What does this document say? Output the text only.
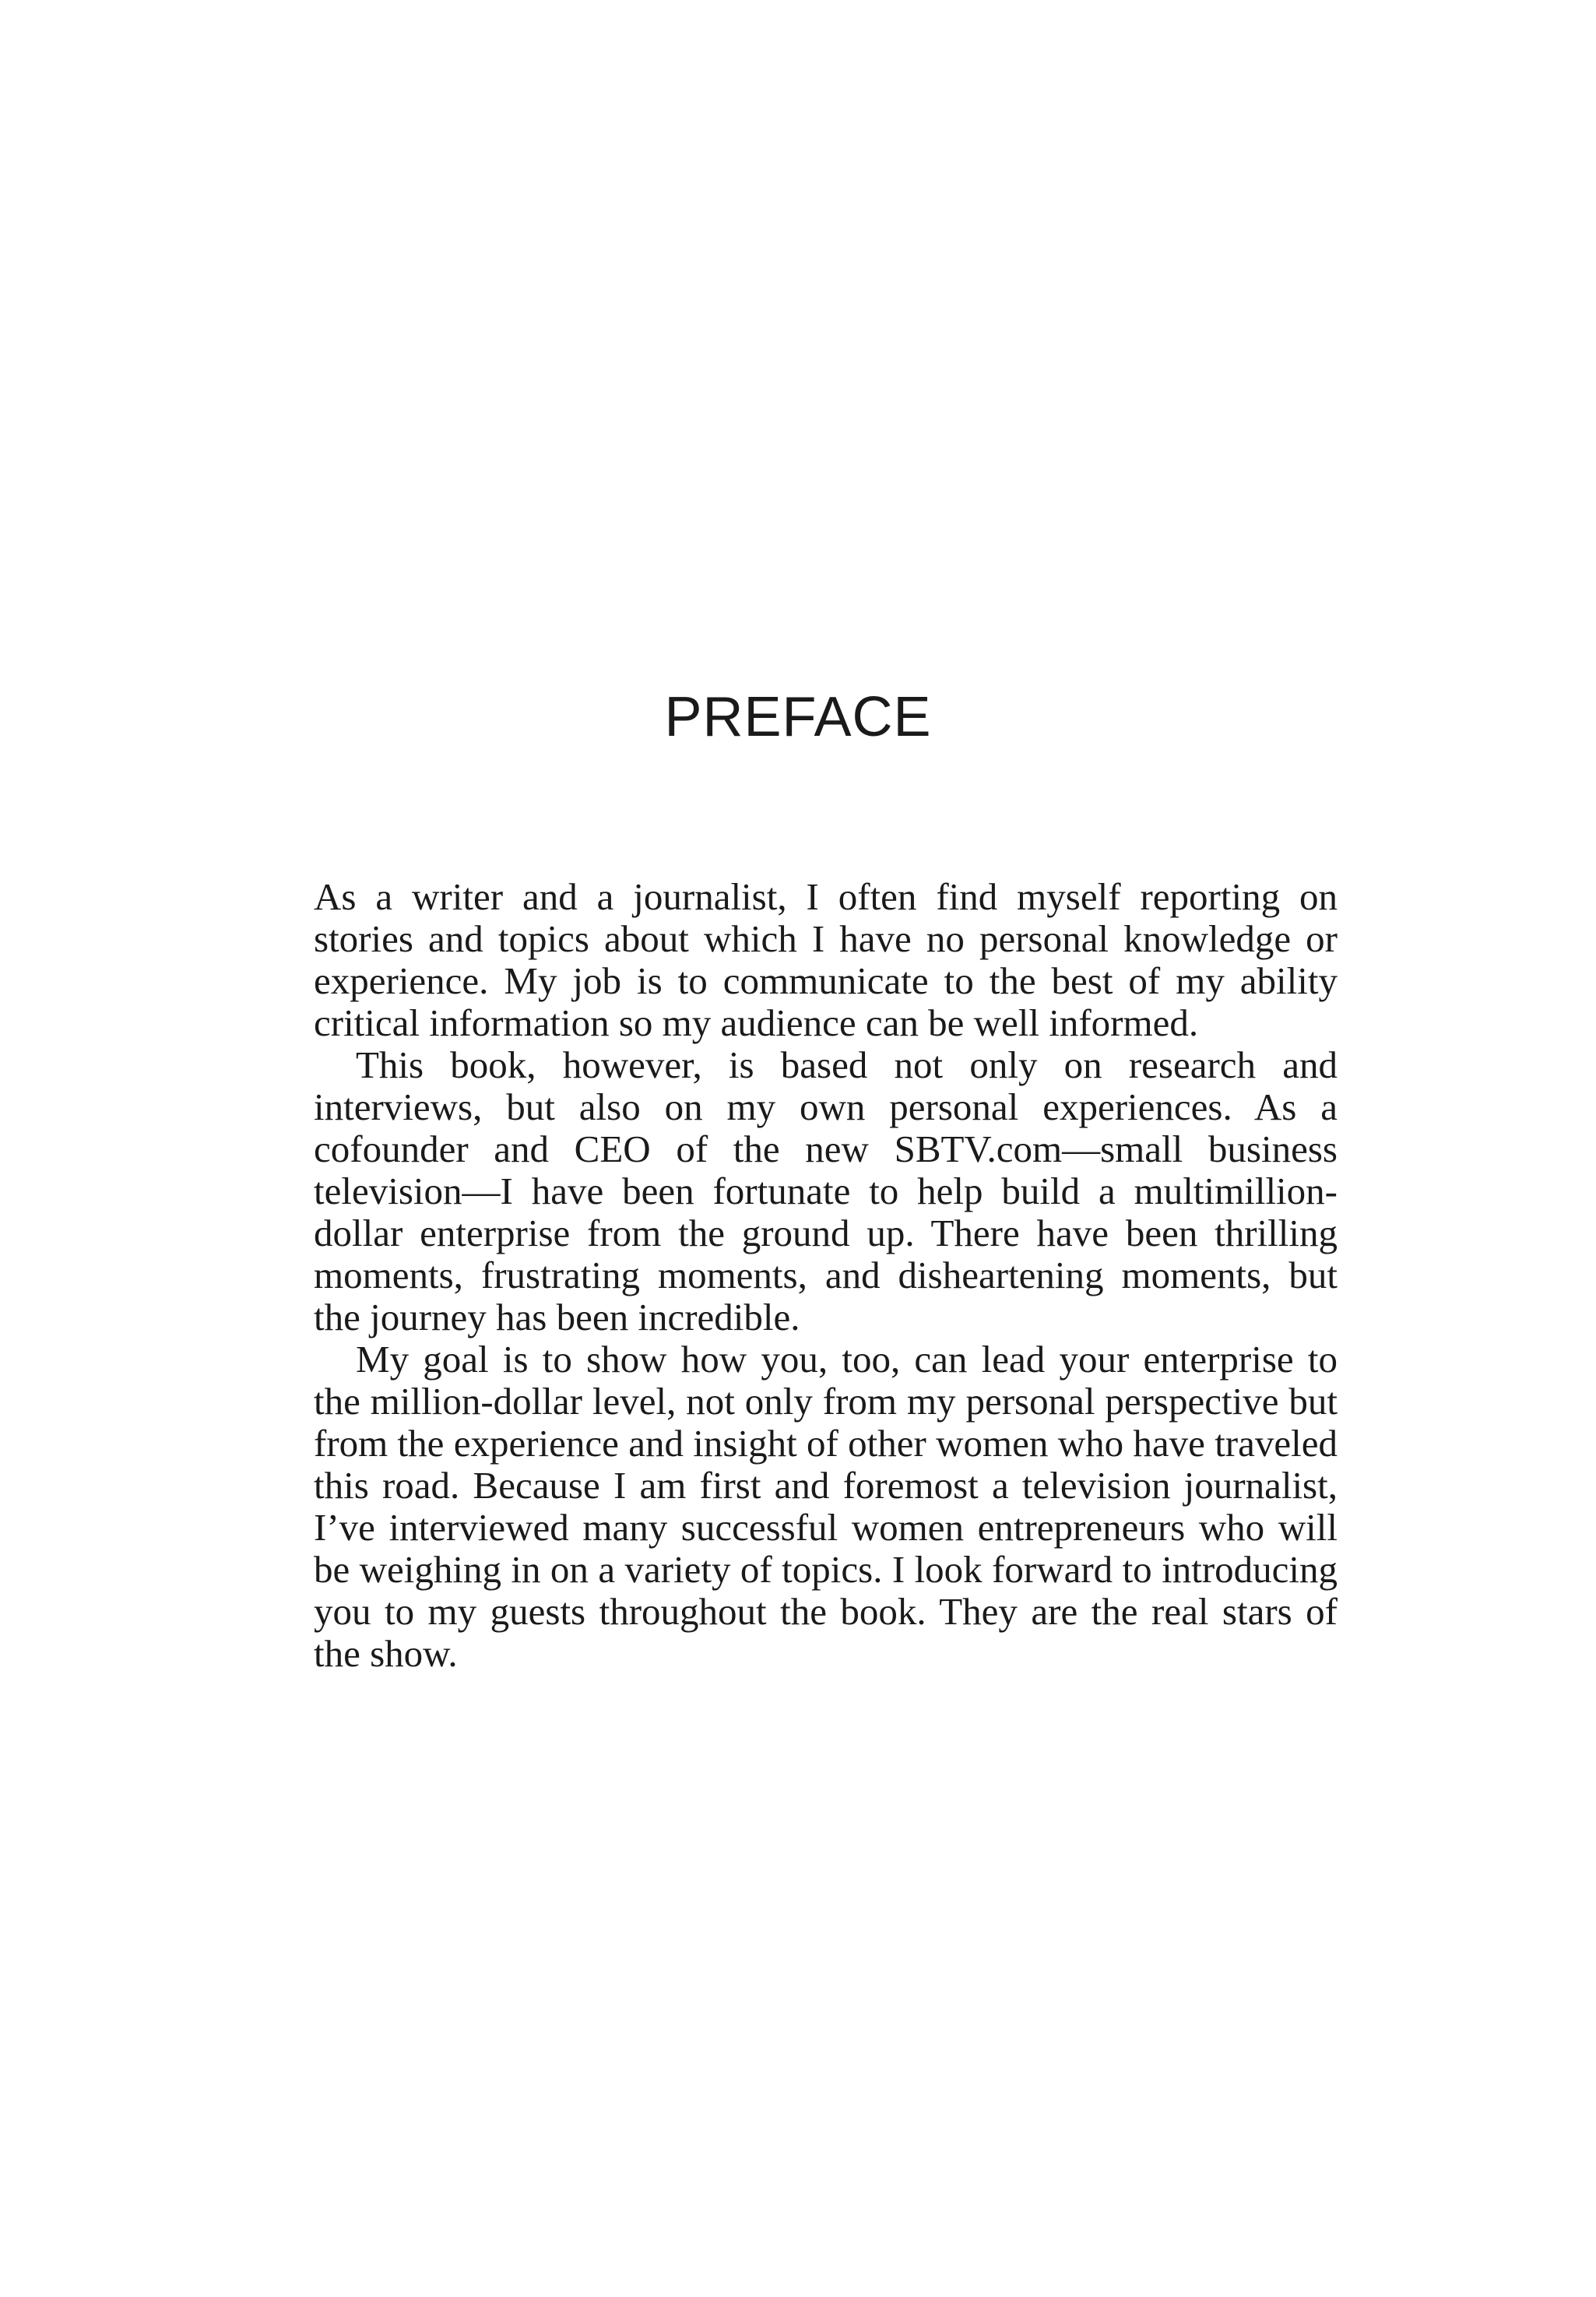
PREFACE

As a writer and a journalist, I often find myself reporting on stories and topics about which I have no personal knowledge or experience. My job is to communicate to the best of my ability critical information so my audience can be well informed.

This book, however, is based not only on research and interviews, but also on my own personal experiences. As a cofounder and CEO of the new SBTV.com—small business television—I have been fortunate to help build a multimillion-dollar enterprise from the ground up. There have been thrilling moments, frustrating moments, and disheartening moments, but the journey has been incredible.

My goal is to show how you, too, can lead your enterprise to the million-dollar level, not only from my personal perspective but from the experience and insight of other women who have traveled this road. Because I am first and foremost a television journalist, I’ve interviewed many successful women entrepreneurs who will be weighing in on a variety of topics. I look forward to introducing you to my guests throughout the book. They are the real stars of the show.
